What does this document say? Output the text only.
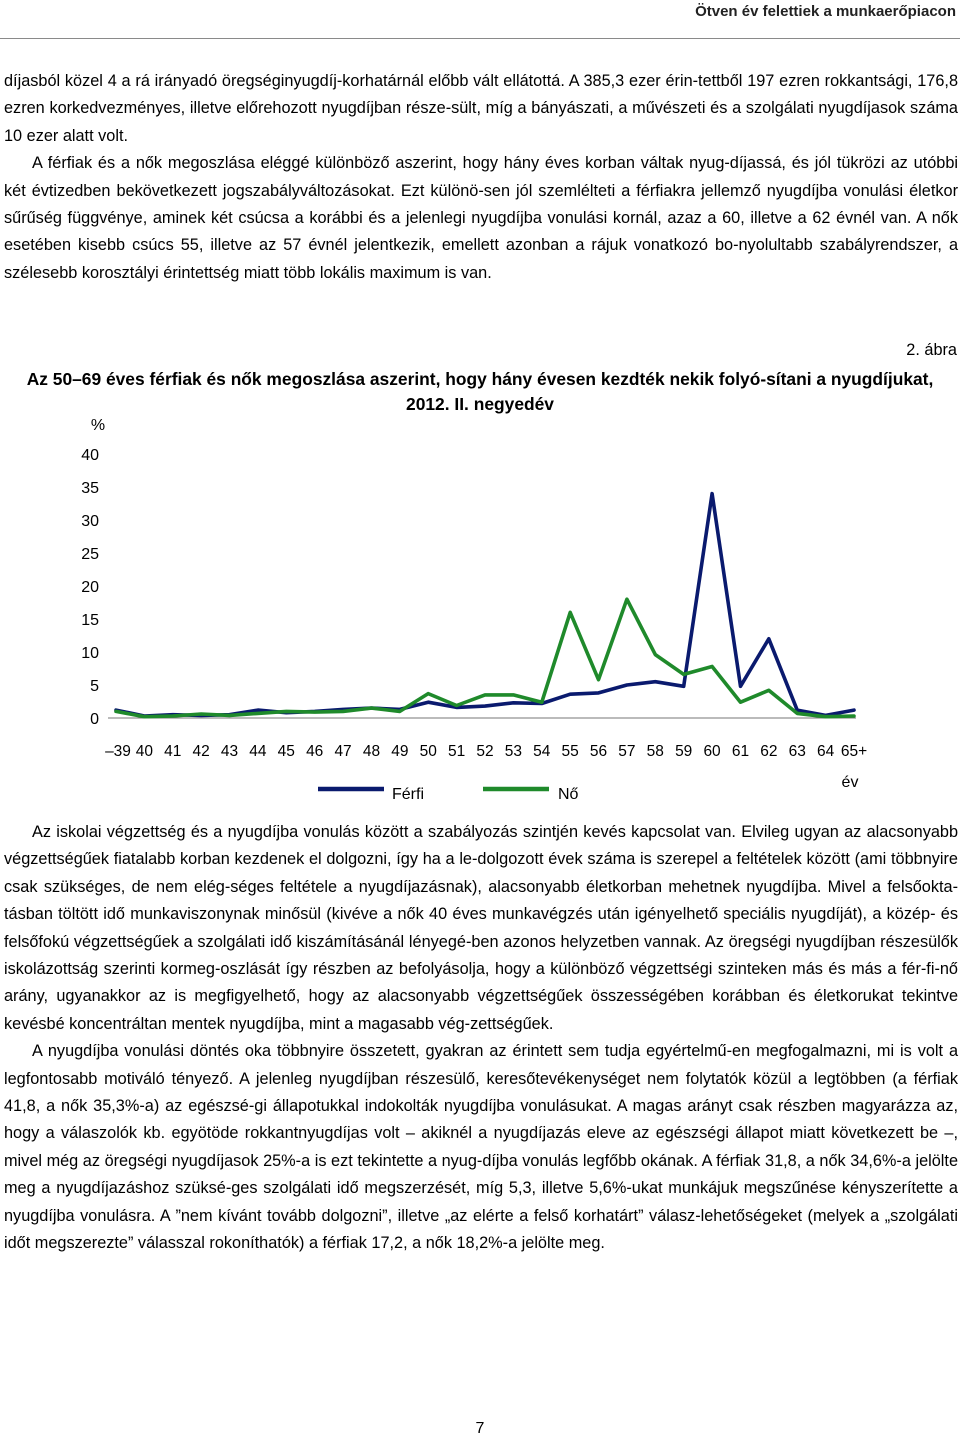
Ötven év felettiek a munkaerőpiacon

díjasból közel 4 a rá irányadó öregséginyugdíj-korhatárnál előbb vált ellátottá. A 385,3 ezer érin-tettből 197 ezren rokkantsági, 176,8 ezren korkedvezményes, illetve előrehozott nyugdíjban része-sült, míg a bányászati, a művészeti és a szolgálati nyugdíjasok száma 10 ezer alatt volt.

A férfiak és a nők megoszlása eléggé különböző aszerint, hogy hány éves korban váltak nyug-díjassá, és jól tükrözi az utóbbi két évtizedben bekövetkezett jogszabályváltozásokat. Ezt különö-sen jól szemlélteti a férfiakra jellemző nyugdíjba vonulási életkor sűrűség függvénye, aminek két csúcsa a korábbi és a jelenlegi nyugdíjba vonulási kornál, azaz a 60, illetve a 62 évnél van. A nők esetében kisebb csúcs 55, illetve az 57 évnél jelentkezik, emellett azonban a rájuk vonatkozó bo-nyolultabb szabályrendszer, a szélesebb korosztályi érintettség miatt több lokális maximum is van.

2. ábra
Az 50–69 éves férfiak és nők megoszlása aszerint, hogy hány évesen kezdték nekik folyó-sítani a nyugdíjukat, 2012. II. negyedév
%
0
5
10
15
20
25
30
35
40
–39 40 41 42 43 44 45 46 47 48 49 50 51 52 53 54 55 56 57 58 59 60 61 62 63 64 65+
év
Férfi	Nő

Az iskolai végzettség és a nyugdíjba vonulás között a szabályozás szintjén kevés kapcsolat van. Elvileg ugyan az alacsonyabb végzettségűek fiatalabb korban kezdenek el dolgozni, így ha a le-dolgozott évek száma is szerepel a feltételek között (ami többnyire csak szükséges, de nem elég-séges feltétele a nyugdíjazásnak), alacsonyabb életkorban mehetnek nyugdíjba. Mivel a felsőokta-tásban töltött idő munkaviszonynak minősül (kivéve a nők 40 éves munkavégzés után igényelhető speciális nyugdíját), a közép- és felsőfokú végzettségűek a szolgálati idő kiszámításánál lényegé-ben azonos helyzetben vannak. Az öregségi nyugdíjban részesülők iskolázottság szerinti kormeg-oszlását így részben az befolyásolja, hogy a különböző végzettségi szinteken más és más a fér-fi-nő arány, ugyanakkor az is megfigyelhető, hogy az alacsonyabb végzettségűek összességében korábban és életkorukat tekintve kevésbé koncentráltan mentek nyugdíjba, mint a magasabb vég-zettségűek.

A nyugdíjba vonulási döntés oka többnyire összetett, gyakran az érintett sem tudja egyértelmű-en megfogalmazni, mi is volt a legfontosabb motiváló tényező. A jelenleg nyugdíjban részesülő, keresőtevékenységet nem folytatók közül a legtöbben (a férfiak 41,8, a nők 35,3%-a) az egészsé-gi állapotukkal indokolták nyugdíjba vonulásukat. A magas arányt csak részben magyarázza az, hogy a válaszolók kb. egyötöde rokkantnyugdíjas volt – akiknél a nyugdíjazás eleve az egészségi állapot miatt következett be –, mivel még az öregségi nyugdíjasok 25%-a is ezt tekintette a nyug-díjba vonulás legfőbb okának. A férfiak 31,8, a nők 34,6%-a jelölte meg a nyugdíjazáshoz szüksé-ges szolgálati idő megszerzését, míg 5,3, illetve 5,6%-ukat munkájuk megszűnése kényszerítette a nyugdíjba vonulásra. A ”nem kívánt tovább dolgozni”, illetve „az elérte a felső korhatárt” válasz-lehetőségeket (melyek a „szolgálati időt megszerezte” válasszal rokoníthatók) a férfiak 17,2, a nők 18,2%-a jelölte meg.

7
